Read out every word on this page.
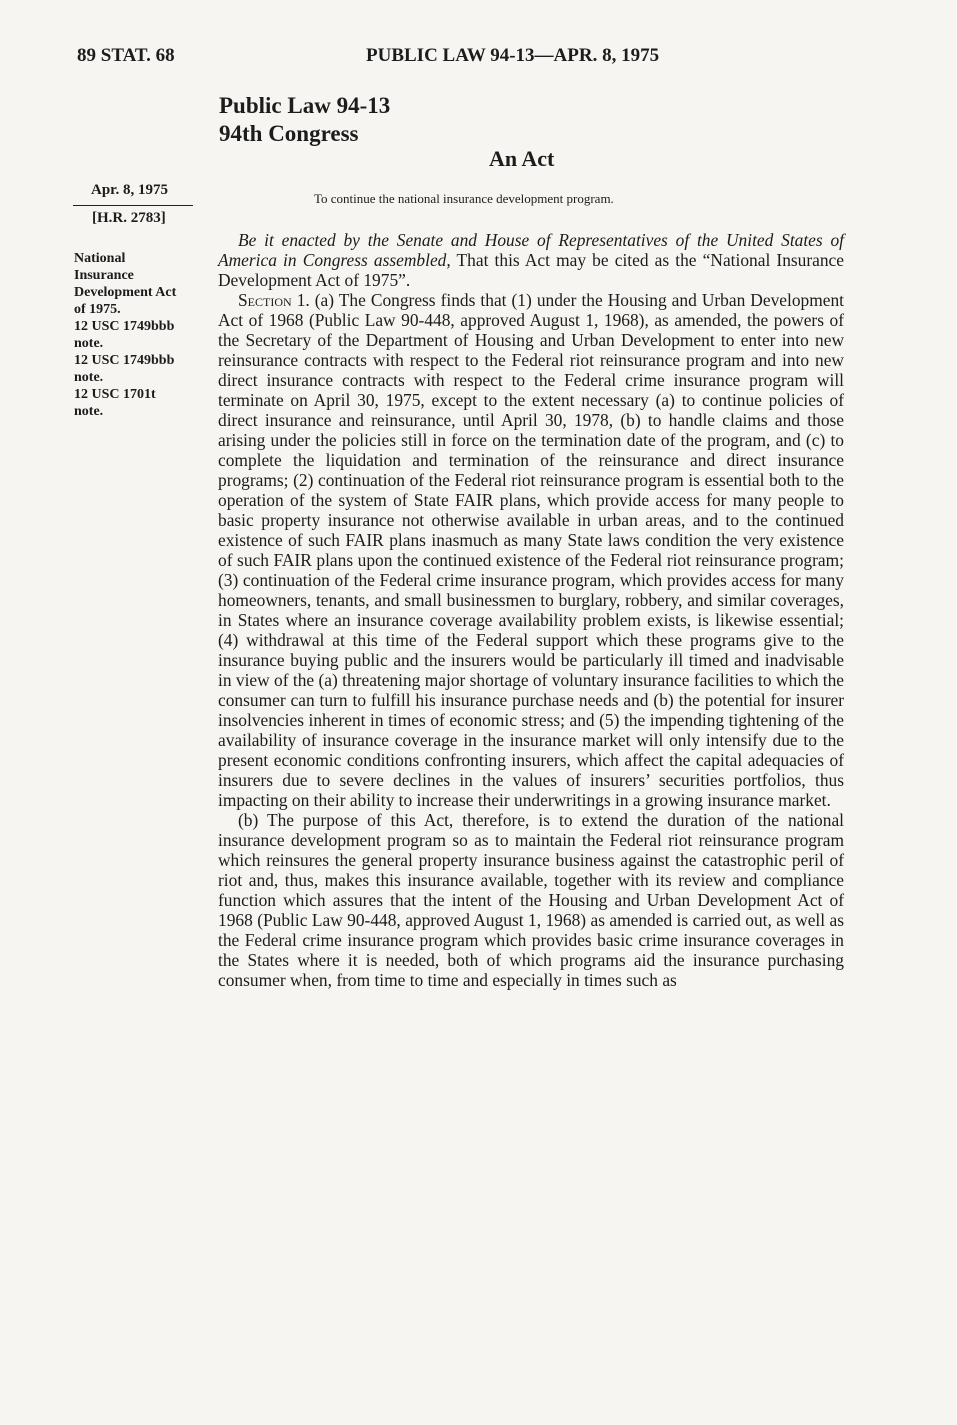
89 STAT. 68	PUBLIC LAW 94-13—APR. 8, 1975
Public Law 94-13
94th Congress
An Act
To continue the national insurance development program.
Apr. 8, 1975
[H.R. 2783]
National
Insurance
Development Act
of 1975.
12 USC 1749bbb
note.
12 USC 1749bbb
note.
12 USC 1701t
note.

Be it enacted by the Senate and House of Representatives of the United States of America in Congress assembled, That this Act may be cited as the “National Insurance Development Act of 1975”.

Section 1. (a) The Congress finds that (1) under the Housing and Urban Development Act of 1968 (Public Law 90-448, approved August 1, 1968), as amended, the powers of the Secretary of the Department of Housing and Urban Development to enter into new reinsurance contracts with respect to the Federal riot reinsurance program and into new direct insurance contracts with respect to the Federal crime insurance program will terminate on April 30, 1975, except to the extent necessary (a) to continue policies of direct insurance and reinsurance, until April 30, 1978, (b) to handle claims and those arising under the policies still in force on the termination date of the program, and (c) to complete the liquidation and termination of the reinsurance and direct insurance programs; (2) continuation of the Federal riot reinsurance program is essential both to the operation of the system of State FAIR plans, which provide access for many people to basic property insurance not otherwise available in urban areas, and to the continued existence of such FAIR plans inasmuch as many State laws condition the very existence of such FAIR plans upon the continued existence of the Federal riot reinsurance program; (3) continuation of the Federal crime insurance program, which provides access for many homeowners, tenants, and small businessmen to burglary, robbery, and similar coverages, in States where an insurance coverage availability problem exists, is likewise essential; (4) withdrawal at this time of the Federal support which these programs give to the insurance buying public and the insurers would be particularly ill timed and inadvisable in view of the (a) threatening major shortage of voluntary insurance facilities to which the consumer can turn to fulfill his insurance purchase needs and (b) the potential for insurer insolvencies inherent in times of economic stress; and (5) the impending tightening of the availability of insurance coverage in the insurance market will only intensify due to the present economic conditions confronting insurers, which affect the capital adequacies of insurers due to severe declines in the values of insurers’ securities portfolios, thus impacting on their ability to increase their underwritings in a growing insurance market.

(b) The purpose of this Act, therefore, is to extend the duration of the national insurance development program so as to maintain the Federal riot reinsurance program which reinsures the general property insurance business against the catastrophic peril of riot and, thus, makes this insurance available, together with its review and compliance function which assures that the intent of the Housing and Urban Development Act of 1968 (Public Law 90-448, approved August 1, 1968) as amended is carried out, as well as the Federal crime insurance program which provides basic crime insurance coverages in the States where it is needed, both of which programs aid the insurance purchasing consumer when, from time to time and especially in times such as
